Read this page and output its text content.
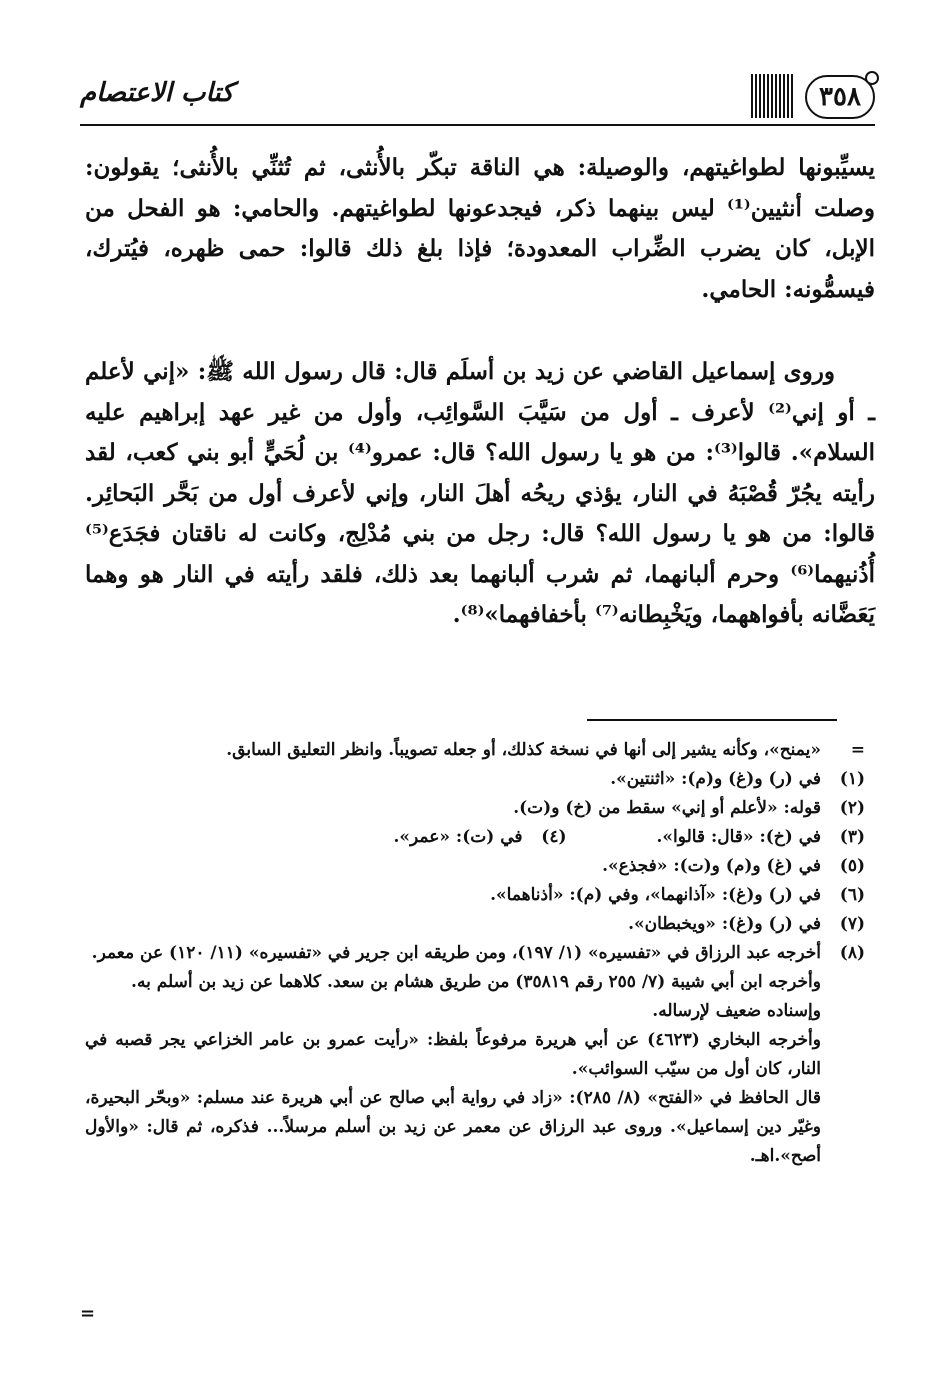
كتاب الاعتصام	٣٥٨

يسيِّبونها لطواغيتهم، والوصيلة: هي الناقة تبكّر بالأُنثى، ثم تُثنِّي بالأُنثى؛ يقولون: وصلت أنثيين⁽¹⁾ ليس بينهما ذكر، فيجدعونها لطواغيتهم. والحامي: هو الفحل من الإبل، كان يضرب الضِّراب المعدودة؛ فإذا بلغ ذلك قالوا: حمى ظهره، فيُترك، فيسمُّونه: الحامي.

وروى إسماعيل القاضي عن زيد بن أسلَم قال: قال رسول الله ﷺ: «إني لأعلم ـ أو إني⁽²⁾ لأعرف ـ أول من سَيَّبَ السَّوائِب، وأول من غير عهد إبراهيم عليه السلام». قالوا⁽³⁾: من هو يا رسول الله؟ قال: عمرو⁽⁴⁾ بن لُحَيٍّ أبو بني كعب، لقد رأيته يجُرّ قُصْبَهُ في النار، يؤذي ريحُه أهلَ النار، وإني لأعرف أول من بَحَّر البَحائِر. قالوا: من هو يا رسول الله؟ قال: رجل من بني مُدْلِج، وكانت له ناقتان فجَدَع⁽⁵⁾ أُذُنيهما⁽⁶⁾ وحرم ألبانهما، ثم شرب ألبانهما بعد ذلك، فلقد رأيته في النار هو وهما يَعَضَّانه بأفواههما، ويَخْبِطانه⁽⁷⁾ بأخفافهما»⁽⁸⁾.

=
«يمنح»، وكأنه يشير إلى أنها في نسخة كذلك، أو جعله تصويباً. وانظر التعليق السابق.
(١)
في (ر) و(غ) و(م): «اثنتين».
(٢)
قوله: «لأعلم أو إني» سقط من (خ) و(ت).
(٣)
في (خ): «قال: قالوا».
(٤)
في (ت): «عمر».
(٥)
في (غ) و(م) و(ت): «فجذع».
(٦)
في (ر) و(غ): «آذانهما»، وفي (م): «أذناهما».
(٧)
في (ر) و(غ): «ويخبطان».
(٨)
أخرجه عبد الرزاق في «تفسيره» (١/ ١٩٧)، ومن طريقه ابن جرير في «تفسيره» (١١/ ١٢٠) عن معمر.
وأخرجه ابن أبي شيبة (٧/ ٢٥٥ رقم ٣٥٨١٩) من طريق هشام بن سعد. كلاهما عن زيد بن أسلم به.
وإسناده ضعيف لإرساله.
وأخرجه البخاري (٤٦٢٣) عن أبي هريرة مرفوعاً بلفظ: «رأيت عمرو بن عامر الخزاعي يجر قصبه في النار، كان أول من سيّب السوائب».
قال الحافظ في «الفتح» (٨/ ٢٨٥): «زاد في رواية أبي صالح عن أبي هريرة عند مسلم: «وبحّر البحيرة، وغيّر دين إسماعيل». وروى عبد الرزاق عن معمر عن زيد بن أسلم مرسلاً... فذكره، ثم قال: «والأول أصح».اهـ.
=
